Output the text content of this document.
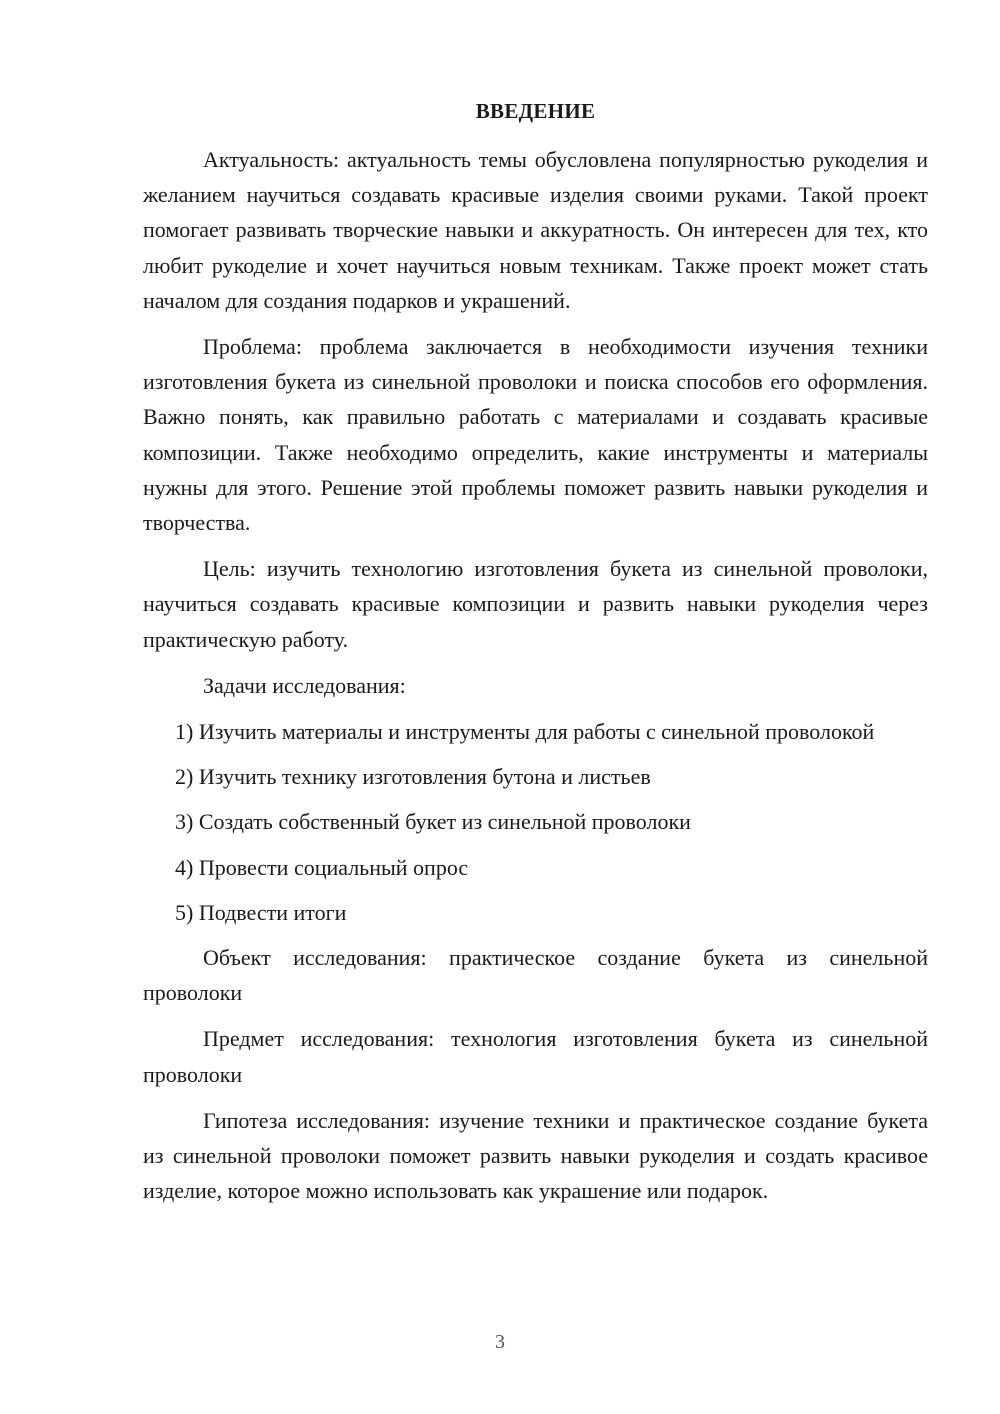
ВВЕДЕНИЕ

Актуальность: актуальность темы обусловлена популярностью рукоделия и желанием научиться создавать красивые изделия своими руками. Такой проект помогает развивать творческие навыки и аккуратность. Он интересен для тех, кто любит рукоделие и хочет научиться новым техникам. Также проект может стать началом для создания подарков и украшений.

Проблема: проблема заключается в необходимости изучения техники изготовления букета из синельной проволоки и поиска способов его оформления. Важно понять, как правильно работать с материалами и создавать красивые композиции. Также необходимо определить, какие инструменты и материалы нужны для этого. Решение этой проблемы поможет развить навыки рукоделия и творчества.

Цель: изучить технологию изготовления букета из синельной проволоки, научиться создавать красивые композиции и развить навыки рукоделия через практическую работу.

Задачи исследования:

1) Изучить материалы и инструменты для работы с синельной проволокой

2) Изучить технику изготовления бутона и листьев

3) Создать собственный букет из синельной проволоки

4) Провести социальный опрос

5) Подвести итоги

Объект исследования: практическое создание букета из синельной проволоки

Предмет исследования: технология изготовления букета из синельной проволоки

Гипотеза исследования: изучение техники и практическое создание букета из синельной проволоки поможет развить навыки рукоделия и создать красивое изделие, которое можно использовать как украшение или подарок.

3
